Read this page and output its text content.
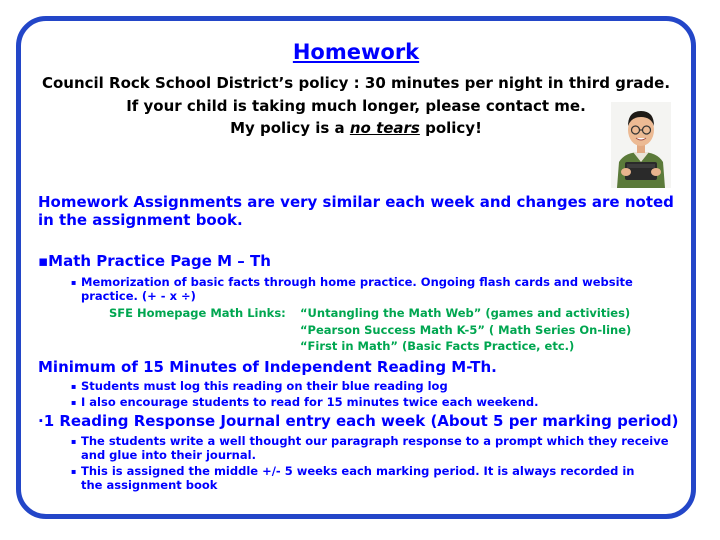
Homework
Council Rock School District’s policy : 30 minutes per night in third grade.
If your child is taking much longer, please contact me.
My policy is a no tears policy!
Homework Assignments are very similar each week and changes are noted
in the assignment book.
▪Math Practice Page M – Th
▪ Memorization of basic facts through home practice. Ongoing flash cards and website
practice. (+ - x ÷)
SFE Homepage Math Links: “Untangling the Math Web” (games and activities)
“Pearson Success Math K-5” ( Math Series On-line)
“First in Math” (Basic Facts Practice, etc.)
Minimum of 15 Minutes of Independent Reading M-Th.
▪ Students must log this reading on their blue reading log
▪ I also encourage students to read for 15 minutes twice each weekend.
·1 Reading Response Journal entry each week (About 5 per marking period)
▪ The students write a well thought our paragraph response to a prompt which they receive
and glue into their journal.
▪ This is assigned the middle +/- 5 weeks each marking period. It is always recorded in
the assignment book
